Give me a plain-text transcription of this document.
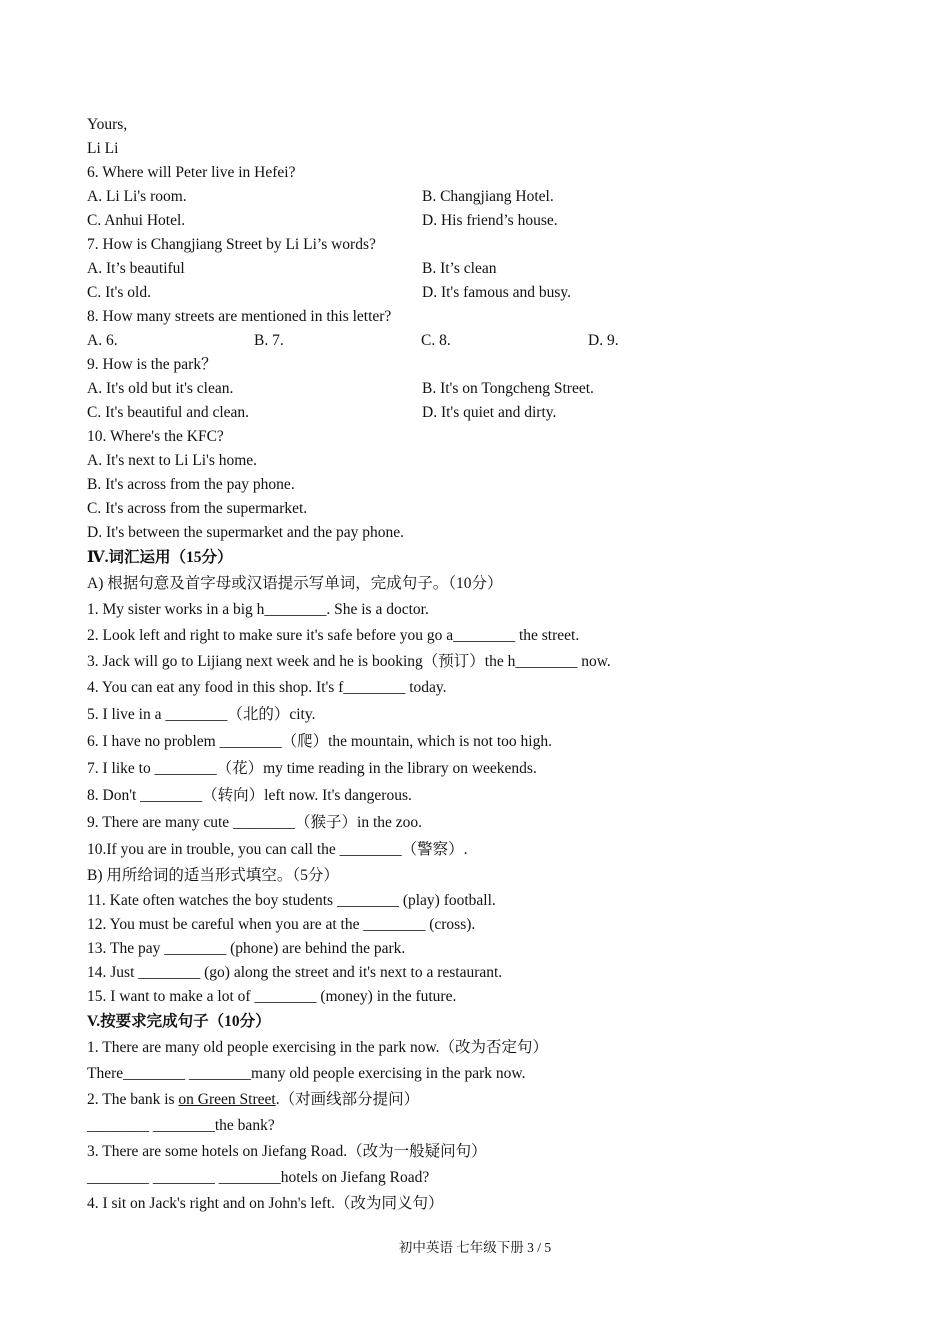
Yours,
Li Li
6. Where will Peter live in Hefei?
A. Li Li's room.	B. Changjiang Hotel.
C. Anhui Hotel.	D. His friend’s house.
7. How is Changjiang Street by Li Li’s words?
A. It’s beautiful	B. It’s clean
C. It's old.	D. It's famous and busy.
8. How many streets are mentioned in this letter?
A. 6.	B. 7.	C. 8.	D. 9.
9. How is the park？
A. It's old but it's clean.	B. It's on Tongcheng Street.
C. It's beautiful and clean.	D. It's quiet and dirty.
10. Where's the KFC?
A. It's next to Li Li's home.
B. It's across from the pay phone.
C. It's across from the supermarket.
D. It's between the supermarket and the pay phone.
Ⅳ.词汇运用（15分）
A) 根据句意及首字母或汉语提示写单词，完成句子。（10分）
1. My sister works in a big h________. She is a doctor.
2. Look left and right to make sure it's safe before you go a________ the street.
3. Jack will go to Lijiang next week and he is booking（预订）the h________ now.
4. You can eat any food in this shop. It's f________ today.
5. I live in a ________（北的）city.
6. I have no problem ________（爬）the mountain, which is not too high.
7. I like to ________（花）my time reading in the library on weekends.
8. Don't ________（转向）left now. It's dangerous.
9. There are many cute ________（猴子）in the zoo.
10.If you are in trouble, you can call the ________（警察）.
B) 用所给词的适当形式填空。（5分）
11. Kate often watches the boy students ________ (play) football.
12. You must be careful when you are at the ________ (cross).
13. The pay ________ (phone) are behind the park.
14. Just ________ (go) along the street and it's next to a restaurant.
15. I want to make a lot of ________ (money) in the future.
V.按要求完成句子（10分）
1. There are many old people exercising in the park now.（改为否定句）
There________ ________many old people exercising in the park now.
2. The bank is on Green Street.（对画线部分提问）
________ ________the bank?
3. There are some hotels on Jiefang Road.（改为一般疑问句）
________ ________ ________hotels on Jiefang Road?
4. I sit on Jack's right and on John's left.（改为同义句）
初中英语 七年级下册 3 / 5
